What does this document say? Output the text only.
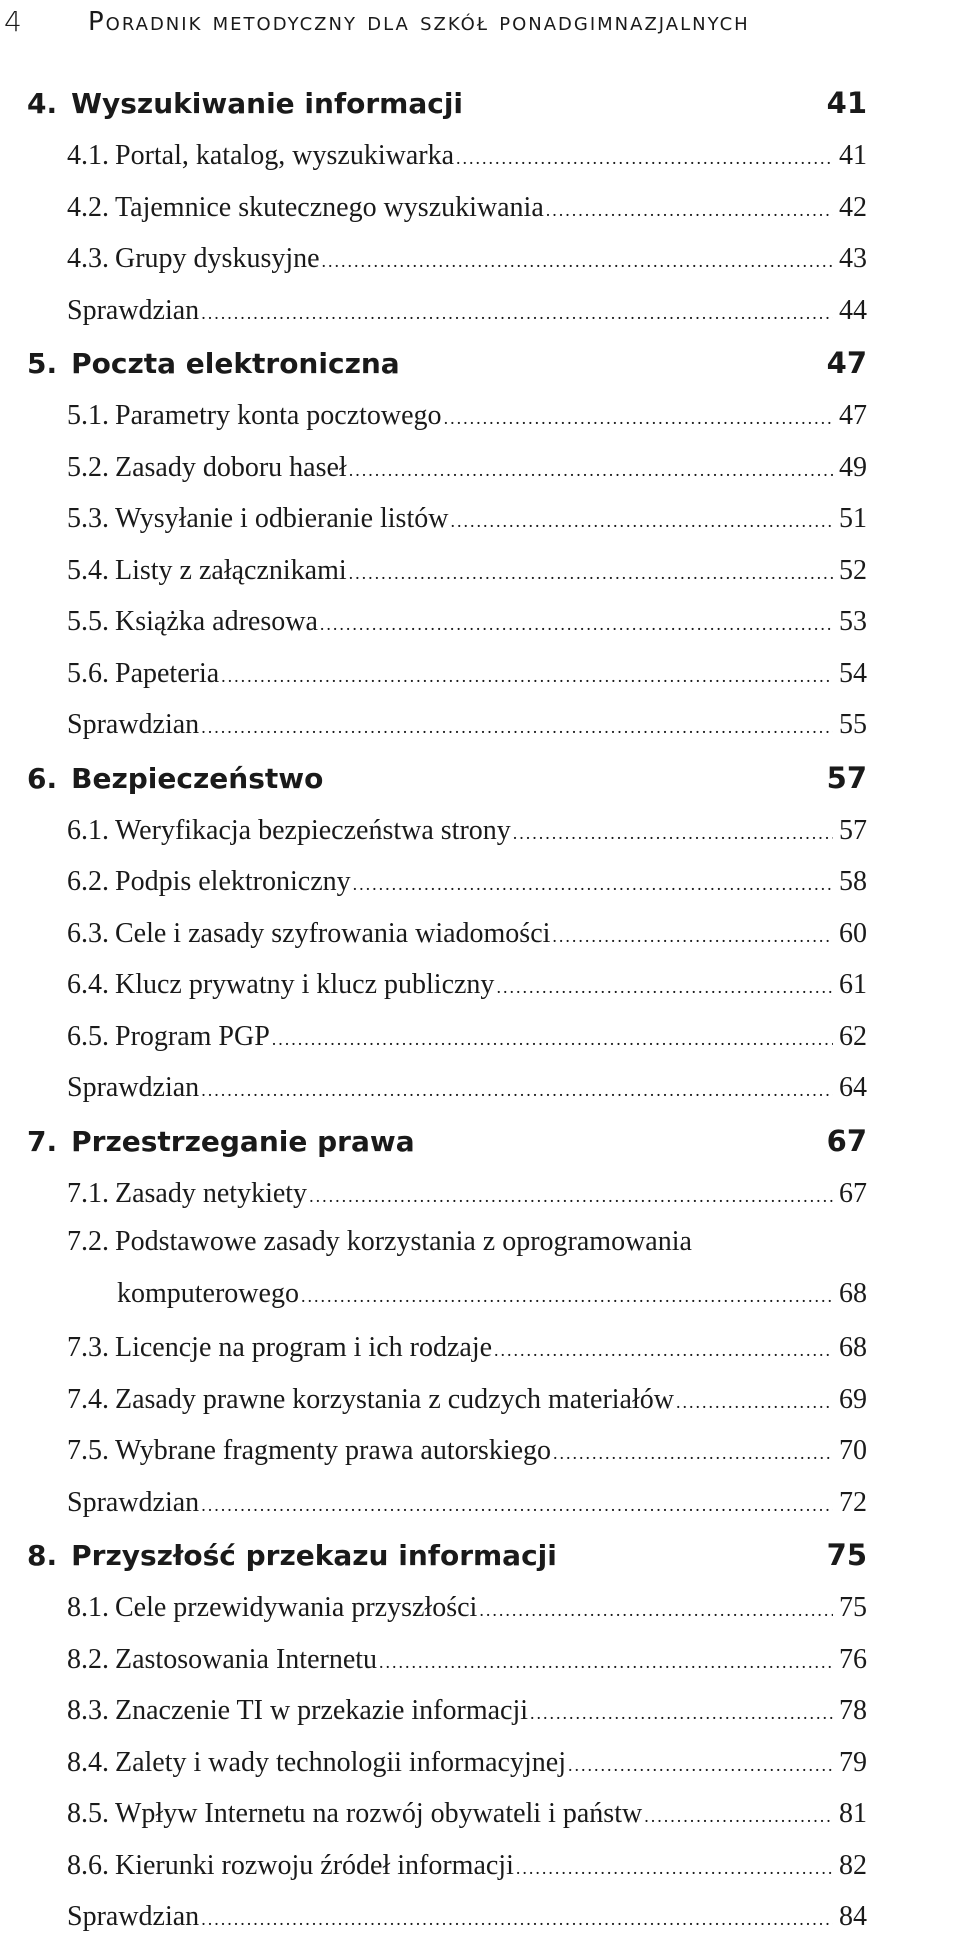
4	Poradnik metodyczny dla szkół ponadgimnazjalnych
4. Wyszukiwanie informacji	41
4.1. Portal, katalog, wyszukiwarka .....	41
4.2. Tajemnice skutecznego wyszukiwania .....	42
4.3. Grupy dyskusyjne .....	43
Sprawdzian .....	44
5. Poczta elektroniczna	47
5.1. Parametry konta pocztowego .....	47
5.2. Zasady doboru haseł .....	49
5.3. Wysyłanie i odbieranie listów .....	51
5.4. Listy z załącznikami .....	52
5.5. Książka adresowa .....	53
5.6. Papeteria .....	54
Sprawdzian .....	55
6. Bezpieczeństwo	57
6.1. Weryfikacja bezpieczeństwa strony .....	57
6.2. Podpis elektroniczny .....	58
6.3. Cele i zasady szyfrowania wiadomości .....	60
6.4. Klucz prywatny i klucz publiczny .....	61
6.5. Program PGP .....	62
Sprawdzian .....	64
7. Przestrzeganie prawa	67
7.1. Zasady netykiety .....	67
7.2. Podstawowe zasady korzystania z oprogramowania
komputerowego .....	68
7.3. Licencje na program i ich rodzaje .....	68
7.4. Zasady prawne korzystania z cudzych materiałów .....	69
7.5. Wybrane fragmenty prawa autorskiego .....	70
Sprawdzian .....	72
8. Przyszłość przekazu informacji	75
8.1. Cele przewidywania przyszłości .....	75
8.2. Zastosowania Internetu .....	76
8.3. Znaczenie TI w przekazie informacji .....	78
8.4. Zalety i wady technologii informacyjnej .....	79
8.5. Wpływ Internetu na rozwój obywateli i państw .....	81
8.6. Kierunki rozwoju źródeł informacji .....	82
Sprawdzian .....	84
